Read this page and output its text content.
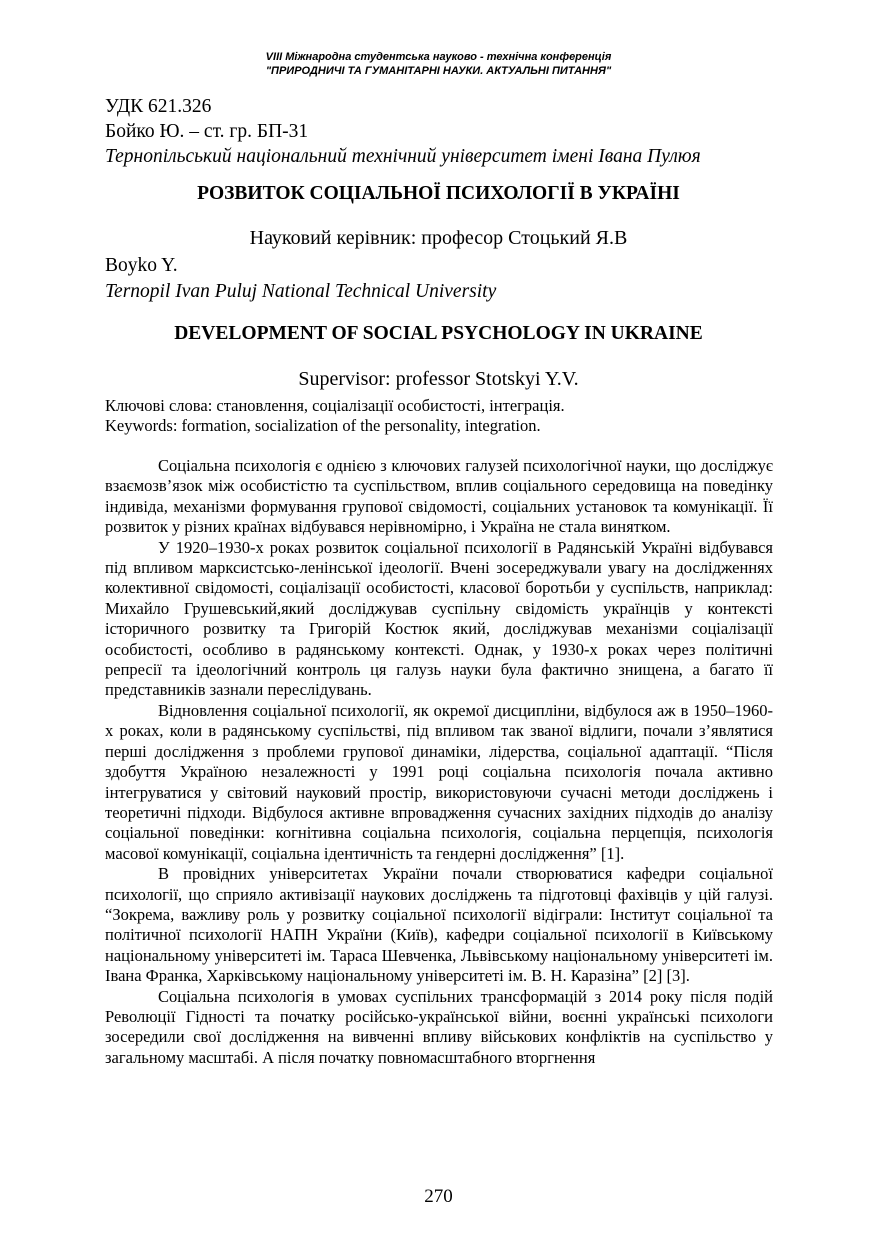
VIII Міжнародна студентська науково - технічна конференція
"ПРИРОДНИЧІ ТА ГУМАНІТАРНІ НАУКИ. АКТУАЛЬНІ ПИТАННЯ"
УДК 621.326
Бойко Ю. – ст. гр. БП-31
Тернопільський національний технічний університет імені Івана Пулюя
РОЗВИТОК СОЦІАЛЬНОЇ ПСИХОЛОГІЇ В УКРАЇНІ
Науковий керівник: професор Стоцький Я.В
Boyko Y.
Ternopil Ivan Puluj National Technical University
DEVELOPMENT OF SOCIAL PSYCHOLOGY IN UKRAINE
Supervisor: professor Stotskyi Y.V.
Ключові слова: становлення, соціалізації особистості, інтеграція.
Keywords: formation, socialization of the personality, integration.

Соціальна психологія є однією з ключових галузей психологічної науки, що досліджує взаємозв’язок між особистістю та суспільством, вплив соціального середовища на поведінку індивіда, механізми формування групової свідомості, соціальних установок та комунікації. Її розвиток у різних країнах відбувався нерівномірно, і Україна не стала винятком.

У 1920–1930-х роках розвиток соціальної психології в Радянській Україні відбувався під впливом марксистсько-ленінської ідеології. Вчені зосереджували увагу на дослідженнях колективної свідомості, соціалізації особистості, класової боротьби у суспільств, наприклад: Михайло Грушевський,який досліджував суспільну свідомість українців у контексті історичного розвитку та Григорій Костюк який, досліджував механізми соціалізації особистості, особливо в радянському контексті. Однак, у 1930-х роках через політичні репресії та ідеологічний контроль ця галузь науки була фактично знищена, а багато її представників зазнали переслідувань.

Відновлення соціальної психології, як окремої дисципліни, відбулося аж в 1950–1960-х роках, коли в радянському суспільстві, під впливом так званої відлиги, почали з’являтися перші дослідження з проблеми групової динаміки, лідерства, соціальної адаптації. “Після здобуття Україною незалежності у 1991 році соціальна психологія почала активно інтегруватися у світовий науковий простір, використовуючи сучасні методи досліджень і теоретичні підходи. Відбулося активне впровадження сучасних західних підходів до аналізу соціальної поведінки: когнітивна соціальна психологія, соціальна перцепція, психологія масової комунікації, соціальна ідентичність та гендерні дослідження” [1].

В провідних університетах України почали створюватися кафедри соціальної психології, що сприяло активізації наукових досліджень та підготовці фахівців у цій галузі. “Зокрема, важливу роль у розвитку соціальної психології відіграли: Інститут соціальної та політичної психології НАПН України (Київ), кафедри соціальної психології в Київському національному університеті ім. Тараса Шевченка, Львівському національному університеті ім. Івана Франка, Харківському національному університеті ім. В. Н. Каразіна” [2] [3].

Соціальна психологія в умовах суспільних трансформацій з 2014 року після подій Революції Гідності та початку російсько-української війни, воєнні українські психологи зосередили свої дослідження на вивченні впливу військових конфліктів на суспільство у загальному масштабі. А після початку повномасштабного вторгнення

270
